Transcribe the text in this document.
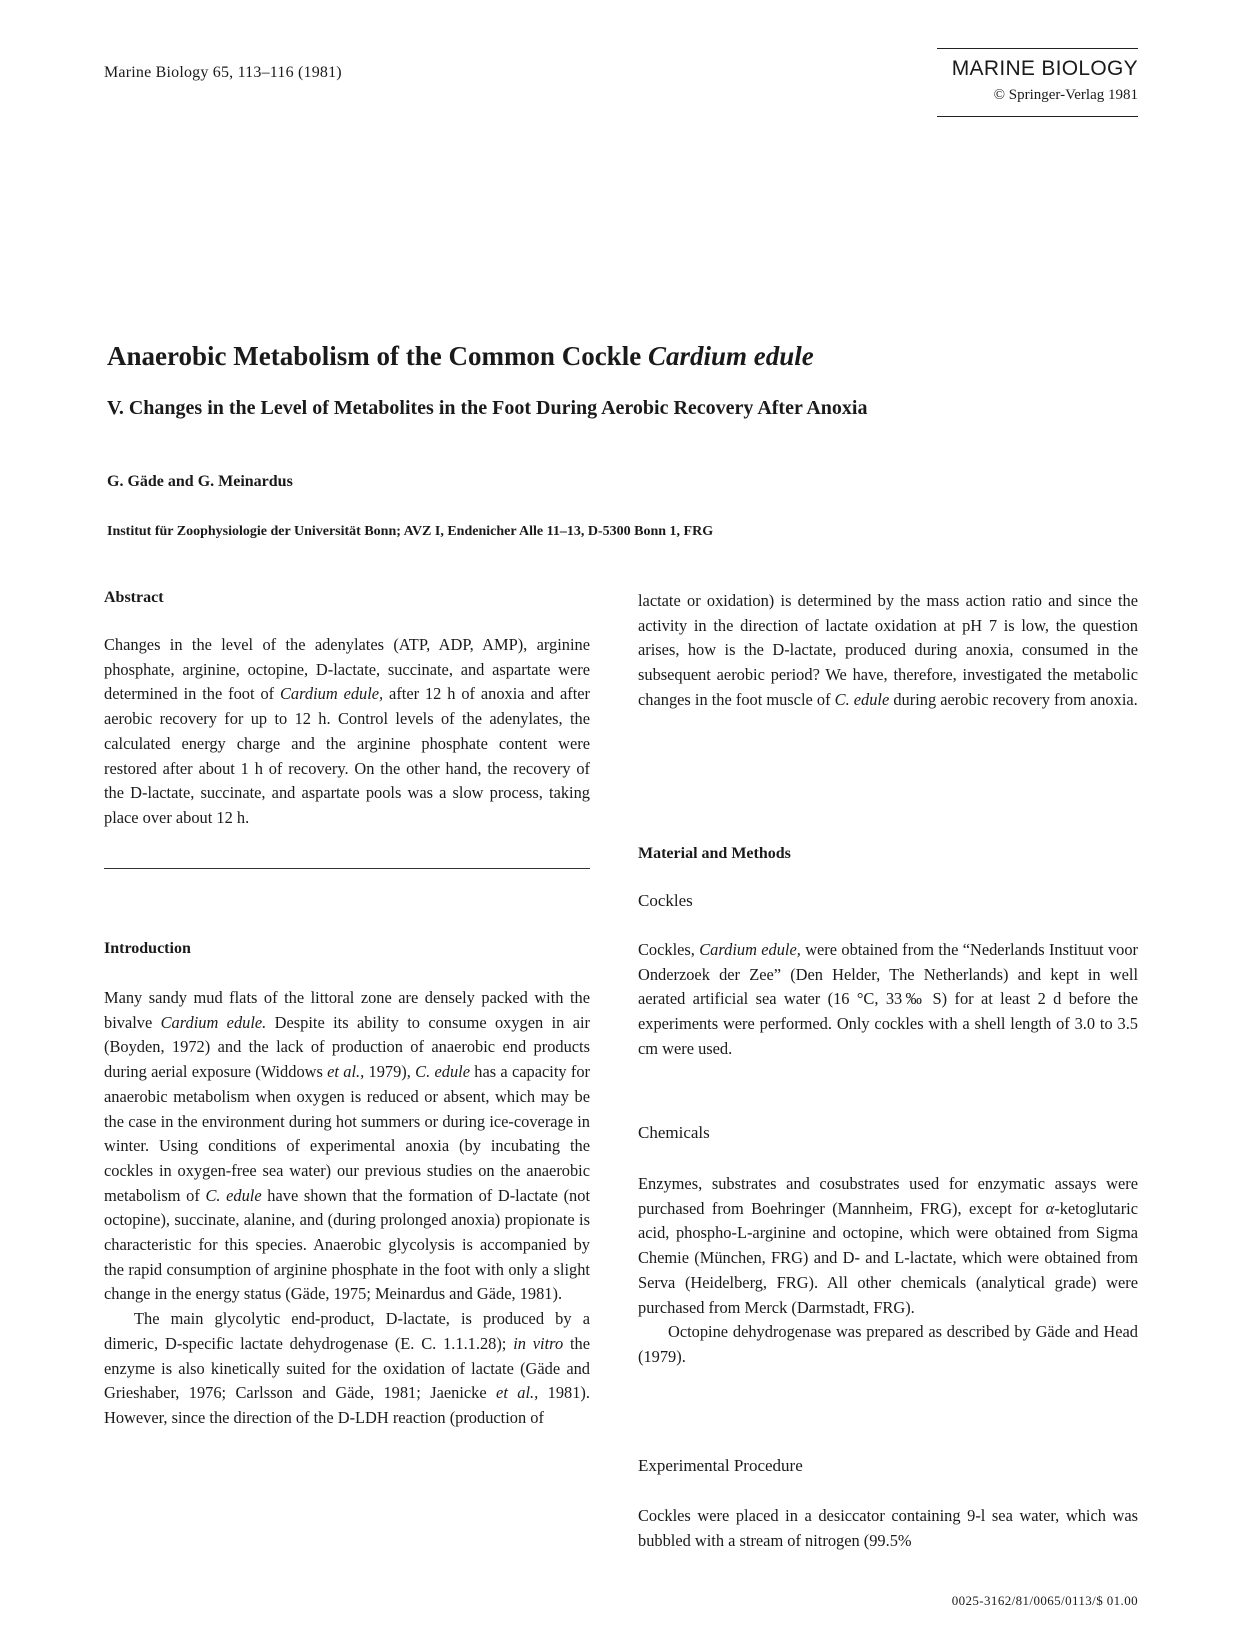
Marine Biology 65, 113–116 (1981)	MARINE BIOLOGY
© Springer-Verlag 1981
Anaerobic Metabolism of the Common Cockle Cardium edule
V. Changes in the Level of Metabolites in the Foot During Aerobic Recovery After Anoxia
G. Gäde and G. Meinardus
Institut für Zoophysiologie der Universität Bonn; AVZ I, Endenicher Alle 11–13, D-5300 Bonn 1, FRG
Abstract

Changes in the level of the adenylates (ATP, ADP, AMP), arginine phosphate, arginine, octopine, D-lactate, succinate, and aspartate were determined in the foot of Cardium edule, after 12 h of anoxia and after aerobic recovery for up to 12 h. Control levels of the adenylates, the calculated energy charge and the arginine phosphate content were restored after about 1 h of recovery. On the other hand, the recovery of the D-lactate, succinate, and aspartate pools was a slow process, taking place over about 12 h.

Introduction

Many sandy mud flats of the littoral zone are densely packed with the bivalve Cardium edule. Despite its ability to consume oxygen in air (Boyden, 1972) and the lack of production of anaerobic end products during aerial exposure (Widdows et al., 1979), C. edule has a capacity for anaerobic metabolism when oxygen is reduced or absent, which may be the case in the environment during hot summers or during ice-coverage in winter. Using conditions of experimental anoxia (by incubating the cockles in oxygen-free sea water) our previous studies on the anaerobic metabolism of C. edule have shown that the formation of D-lactate (not octopine), succinate, alanine, and (during prolonged anoxia) propionate is characteristic for this species. Anaerobic glycolysis is accompanied by the rapid consumption of arginine phosphate in the foot with only a slight change in the energy status (Gäde, 1975; Meinardus and Gäde, 1981).

The main glycolytic end-product, D-lactate, is produced by a dimeric, D-specific lactate dehydrogenase (E. C. 1.1.1.28); in vitro the enzyme is also kinetically suited for the oxidation of lactate (Gäde and Grieshaber, 1976; Carlsson and Gäde, 1981; Jaenicke et al., 1981). However, since the direction of the D-LDH reaction (production of

lactate or oxidation) is determined by the mass action ratio and since the activity in the direction of lactate oxidation at pH 7 is low, the question arises, how is the D-lactate, produced during anoxia, consumed in the subsequent aerobic period? We have, therefore, investigated the metabolic changes in the foot muscle of C. edule during aerobic recovery from anoxia.

Material and Methods
Cockles

Cockles, Cardium edule, were obtained from the “Nederlands Instituut voor Onderzoek der Zee” (Den Helder, The Netherlands) and kept in well aerated artificial sea water (16 °C, 33‰ S) for at least 2 d before the experiments were performed. Only cockles with a shell length of 3.0 to 3.5 cm were used.

Chemicals

Enzymes, substrates and cosubstrates used for enzymatic assays were purchased from Boehringer (Mannheim, FRG), except for α-ketoglutaric acid, phospho-L-arginine and octopine, which were obtained from Sigma Chemie (München, FRG) and D- and L-lactate, which were obtained from Serva (Heidelberg, FRG). All other chemicals (analytical grade) were purchased from Merck (Darmstadt, FRG).

Octopine dehydrogenase was prepared as described by Gäde and Head (1979).

Experimental Procedure

Cockles were placed in a desiccator containing 9-l sea water, which was bubbled with a stream of nitrogen (99.5%

0025-3162/81/0065/0113/$ 01.00
